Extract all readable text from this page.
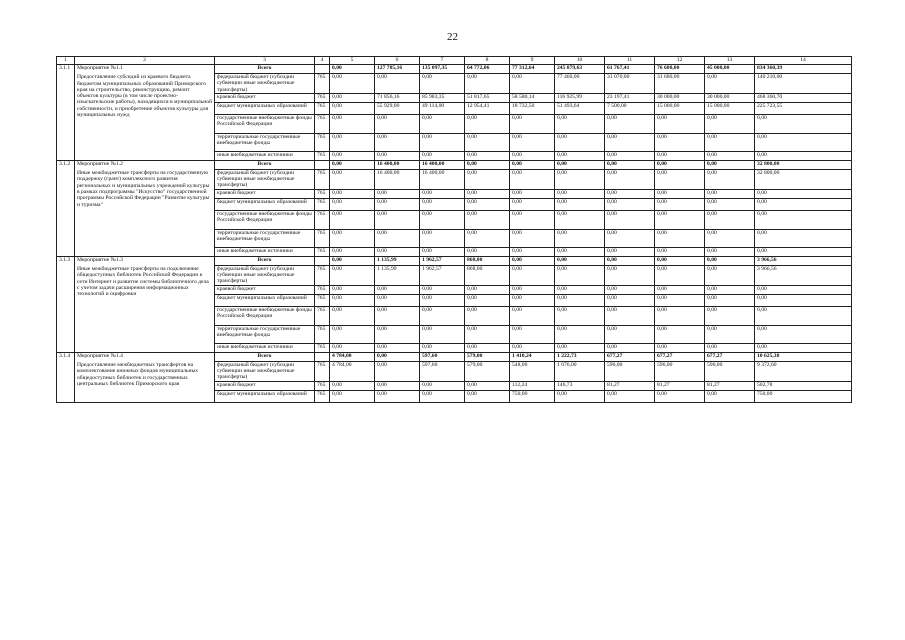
22
1	2	3	4	5	6	7	8	9	10	11	12	13	14
3.1.1	Мероприятие №1.1
Предоставление субсидий из краевого бюджета бюджетам муниципальных образований Приморского края на строительство, реконструкцию, ремонт объектов культуры (в том числе проектно-изыскательские работы), находящихся в муниципальной собственности, и приобретение объектов культуры для муниципальных нужд	Всего		0,00	127 785,16	135 097,35	64 772,06	77 312,64	245 879,63	61 767,41	76 680,00	45 000,00	834 360,39
		федеральный бюджет (субсидии субвенции иные межбюджетные трансферты)	765	0,00	0,00	0,00	0,00	0,00	77 460,00	31 070,00	31 680,00	0,00	140 210,00
		краевой бюджет	765	0,00	71 856,16	85 983,35	51 817,65	58 580,14	116 925,99	23 197,41	30 000,00	30 000,00	468 360,70
		бюджет муниципальных образований	765	0,00	55 929,00	49 114,00	12 954,41	18 732,50	51 493,64	7 500,00	15 000,00	15 000,00	225 723,55
		государственные внебюджетные фонды Российской Федерации	765	0,00	0,00	0,00	0,00	0,00	0,00	0,00	0,00	0,00	0,00
		территориальные государственные внебюджетные фонды	765	0,00	0,00	0,00	0,00	0,00	0,00	0,00	0,00	0,00	0,00
		иные внебюджетные источники	765	0,00	0,00	0,00	0,00	0,00	0,00	0,00	0,00	0,00	0,00
3.1.2	Мероприятие №1.2
Иные межбюджетные трансферты на государственную поддержку (грант) комплексного развития региональных и муниципальных учреждений культуры в рамках подпрограммы "Искусство" государственной программы Российской Федерации "Развитие культуры и туризма"	Всего		0,00	16 400,00	16 400,00	0,00	0,00	0,00	0,00	0,00	0,00	32 800,00
		федеральный бюджет (субсидии субвенции иные межбюджетные трансферты)	765	0,00	16 400,00	16 400,00	0,00	0,00	0,00	0,00	0,00	0,00	32 800,00
		краевой бюджет	765	0,00	0,00	0,00	0,00	0,00	0,00	0,00	0,00	0,00	0,00
		бюджет муниципальных образований	765	0,00	0,00	0,00	0,00	0,00	0,00	0,00	0,00	0,00	0,00
		государственные внебюджетные фонды Российской Федерации	765	0,00	0,00	0,00	0,00	0,00	0,00	0,00	0,00	0,00	0,00
		территориальные государственные внебюджетные фонды	765	0,00	0,00	0,00	0,00	0,00	0,00	0,00	0,00	0,00	0,00
		иные внебюджетные источники	765	0,00	0,00	0,00	0,00	0,00	0,00	0,00	0,00	0,00	0,00
3.1.3	Мероприятие №1.3
Иные межбюджетные трансферты на подключение общедоступных библиотек Российской Федерации к сети Интернет и развитие системы библиотечного дела с учетом задачи расширения информационных технологий и оцифровки	Всего		0,00	1 135,99	1 962,57	868,00	0,00	0,00	0,00	0,00	0,00	3 966,56
		федеральный бюджет (субсидии субвенции иные межбюджетные трансферты)	765	0,00	1 135,99	1 962,57	868,00	0,00	0,00	0,00	0,00	0,00	3 966,56
		краевой бюджет	765	0,00	0,00	0,00	0,00	0,00	0,00	0,00	0,00	0,00	0,00
		бюджет муниципальных образований	765	0,00	0,00	0,00	0,00	0,00	0,00	0,00	0,00	0,00	0,00
		государственные внебюджетные фонды Российской Федерации	765	0,00	0,00	0,00	0,00	0,00	0,00	0,00	0,00	0,00	0,00
		территориальные государственные внебюджетные фонды	765	0,00	0,00	0,00	0,00	0,00	0,00	0,00	0,00	0,00	0,00
		иные внебюджетные источники	765	0,00	0,00	0,00	0,00	0,00	0,00	0,00	0,00	0,00	0,00
3.1.4	Мероприятие №1.4
Предоставление межбюджетных трансфертов на комплектование книжных фондов муниципальных общедоступных библиотек и государственных центральных библиотек Приморского края	Всего		4 784,00	0,00	597,60	579,00	1 410,24	1 222,73	677,27	677,27	677,27	10 625,38
		федеральный бюджет (субсидии субвенции иные межбюджетные трансферты)	765	4 784,00	0,00	597,60	579,00	548,00	1 076,00	596,00	596,00	596,00	9 372,60
		краевой бюджет	765	0,00	0,00	0,00	0,00	112,24	146,73	81,27	81,27	81,27	502,78
		бюджет муниципальных образований	765	0,00	0,00	0,00	0,00	750,00	0,00	0,00	0,00	0,00	750,00
